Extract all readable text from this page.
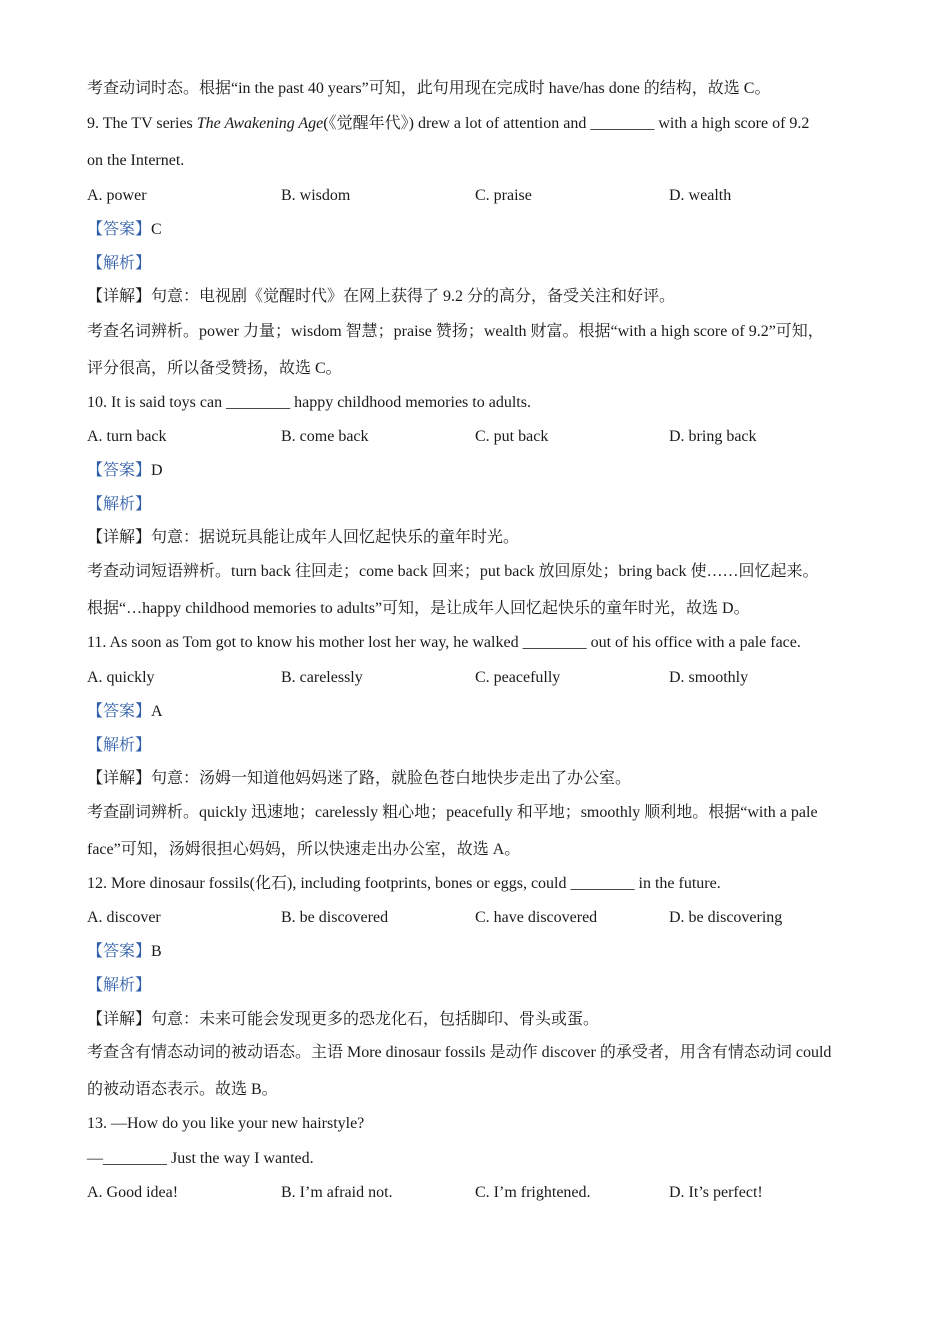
考查动词时态。根据“in the past 40 years”可知，此句用现在完成时 have/has done 的结构，故选 C。
9. The TV series The Awakening Age(《觉醒年代》) drew a lot of attention and ________ with a high score of 9.2
on the Internet.
A. power	B. wisdom	C. praise	D. wealth
【答案】C
【解析】
【详解】句意：电视剧《觉醒时代》在网上获得了 9.2 分的高分，备受关注和好评。
考查名词辨析。power 力量；wisdom 智慧；praise 赞扬；wealth 财富。根据“with a high score of 9.2”可知，
评分很高，所以备受赞扬，故选 C。
10. It is said toys can ________ happy childhood memories to adults.
A. turn back	B. come back	C. put back	D. bring back
【答案】D
【解析】
【详解】句意：据说玩具能让成年人回忆起快乐的童年时光。
考查动词短语辨析。turn back 往回走；come back 回来；put back 放回原处；bring back 使……回忆起来。
根据“…happy childhood memories to adults”可知，是让成年人回忆起快乐的童年时光，故选 D。
11. As soon as Tom got to know his mother lost her way, he walked ________ out of his office with a pale face.
A. quickly	B. carelessly	C. peacefully	D. smoothly
【答案】A
【解析】
【详解】句意：汤姆一知道他妈妈迷了路，就脸色苍白地快步走出了办公室。
考查副词辨析。quickly 迅速地；carelessly 粗心地；peacefully 和平地；smoothly 顺利地。根据“with a pale
face”可知，汤姆很担心妈妈，所以快速走出办公室，故选 A。
12. More dinosaur fossils(化石), including footprints, bones or eggs, could ________ in the future.
A. discover	B. be discovered	C. have discovered	D. be discovering
【答案】B
【解析】
【详解】句意：未来可能会发现更多的恐龙化石，包括脚印、骨头或蛋。
考查含有情态动词的被动语态。主语 More dinosaur fossils 是动作 discover 的承受者，用含有情态动词 could
的被动语态表示。故选 B。
13. —How do you like your new hairstyle?
—________ Just the way I wanted.
A. Good idea!	B. I’m afraid not.	C. I’m frightened.	D. It’s perfect!
